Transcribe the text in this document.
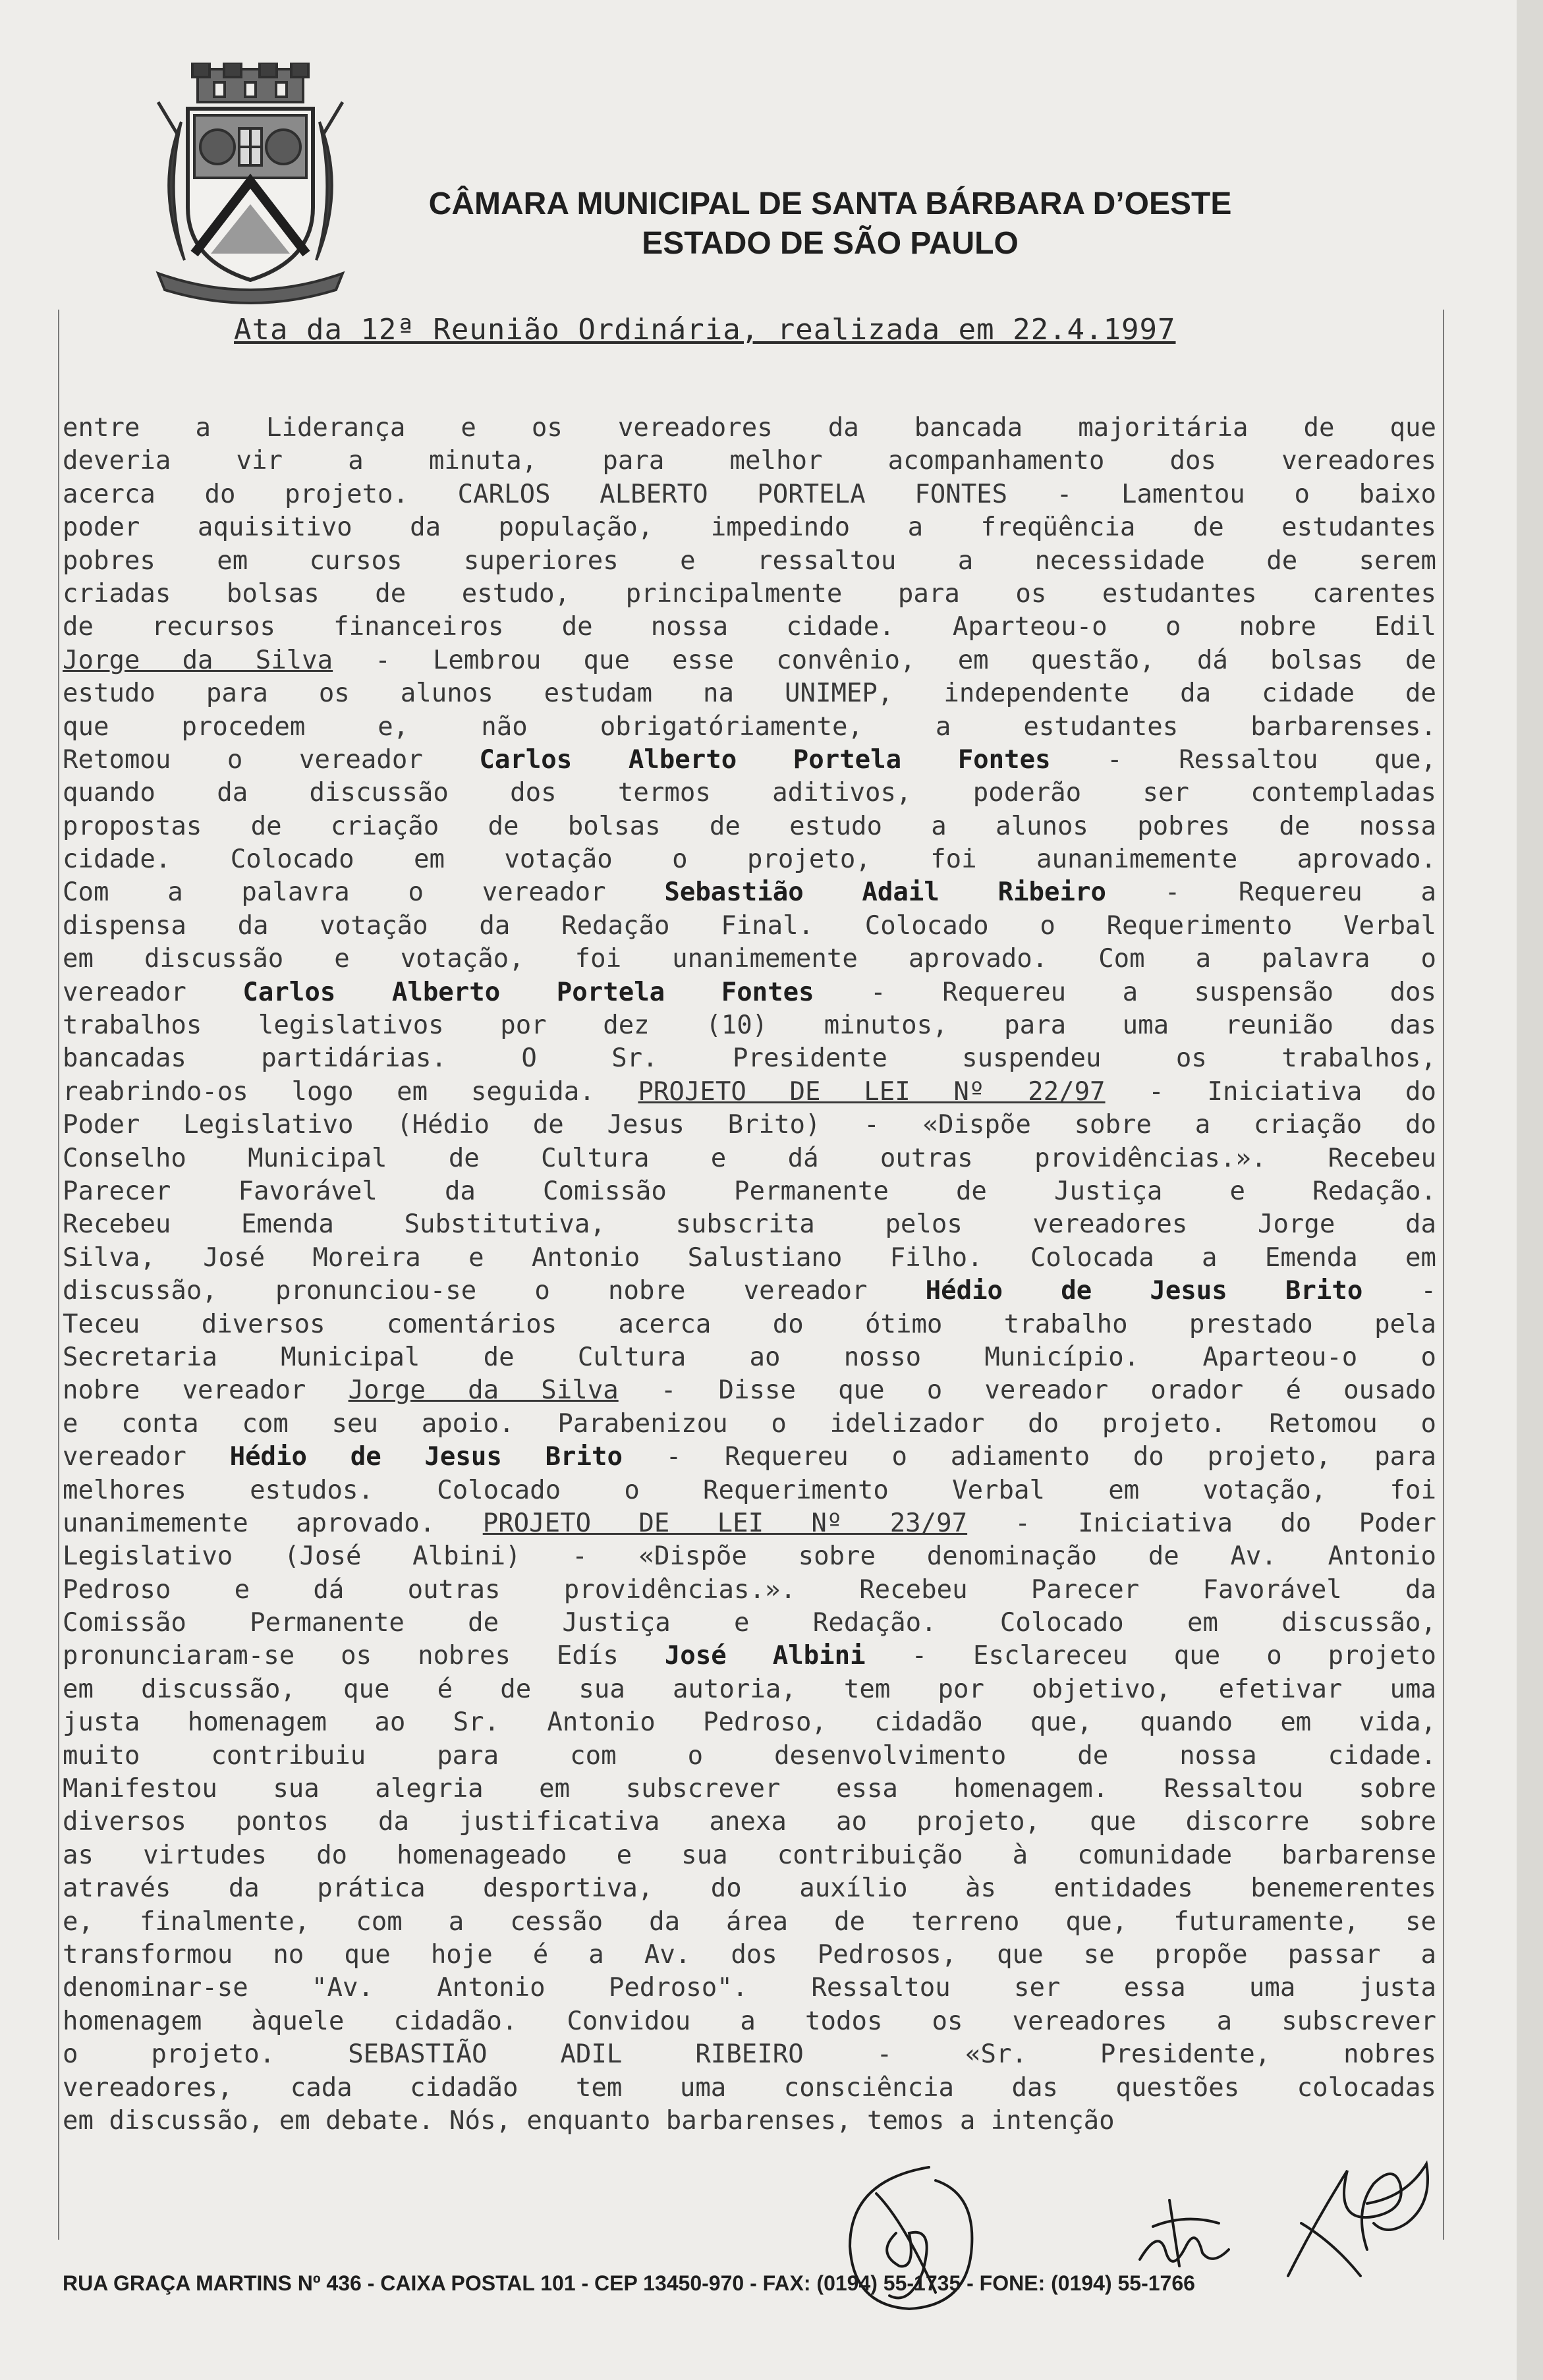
CÂMARA MUNICIPAL DE SANTA BÁRBARA D’OESTE
ESTADO DE SÃO PAULO
Ata da 12ª Reunião Ordinária, realizada em 22.4.1997
entre a Liderança e os vereadores da bancada majoritária de que
deveria vir a minuta, para melhor acompanhamento dos vereadores
acerca do projeto. CARLOS ALBERTO PORTELA FONTES - Lamentou o baixo
poder aquisitivo da população, impedindo a freqüência de estudantes
pobres em cursos superiores e ressaltou a necessidade de serem
criadas bolsas de estudo, principalmente para os estudantes carentes
de recursos financeiros de nossa cidade. Aparteou-o o nobre Edil
Jorge da Silva - Lembrou que esse convênio, em questão, dá bolsas de
estudo para os alunos estudam na UNIMEP, independente da cidade de
que procedem e, não obrigatóriamente, a estudantes barbarenses.
Retomou o vereador Carlos Alberto Portela Fontes - Ressaltou que,
quando da discussão dos termos aditivos, poderão ser contempladas
propostas de criação de bolsas de estudo a alunos pobres de nossa
cidade. Colocado em votação o projeto, foi aunanimemente aprovado.
Com a palavra o vereador Sebastião Adail Ribeiro - Requereu a
dispensa da votação da Redação Final. Colocado o Requerimento Verbal
em discussão e votação, foi unanimemente aprovado. Com a palavra o
vereador Carlos Alberto Portela Fontes - Requereu a suspensão dos
trabalhos legislativos por dez (10) minutos, para uma reunião das
bancadas partidárias. O Sr. Presidente suspendeu os trabalhos,
reabrindo-os logo em seguida. PROJETO DE LEI Nº 22/97 - Iniciativa do
Poder Legislativo (Hédio de Jesus Brito) - «Dispõe sobre a criação do
Conselho Municipal de Cultura e dá outras providências.». Recebeu
Parecer Favorável da Comissão Permanente de Justiça e Redação.
Recebeu Emenda Substitutiva, subscrita pelos vereadores Jorge da
Silva, José Moreira e Antonio Salustiano Filho. Colocada a Emenda em
discussão, pronunciou-se o nobre vereador Hédio de Jesus Brito -
Teceu diversos comentários acerca do ótimo trabalho prestado pela
Secretaria Municipal de Cultura ao nosso Município. Aparteou-o o
nobre vereador Jorge da Silva - Disse que o vereador orador é ousado
e conta com seu apoio. Parabenizou o idelizador do projeto. Retomou o
vereador Hédio de Jesus Brito - Requereu o adiamento do projeto, para
melhores estudos. Colocado o Requerimento Verbal em votação, foi
unanimemente aprovado. PROJETO DE LEI Nº 23/97 - Iniciativa do Poder
Legislativo (José Albini) - «Dispõe sobre denominação de Av. Antonio
Pedroso e dá outras providências.». Recebeu Parecer Favorável da
Comissão Permanente de Justiça e Redação. Colocado em discussão,
pronunciaram-se os nobres Edís José Albini - Esclareceu que o projeto
em discussão, que é de sua autoria, tem por objetivo, efetivar uma
justa homenagem ao Sr. Antonio Pedroso, cidadão que, quando em vida,
muito contribuiu para com o desenvolvimento de nossa cidade.
Manifestou sua alegria em subscrever essa homenagem. Ressaltou sobre
diversos pontos da justificativa anexa ao projeto, que discorre sobre
as virtudes do homenageado e sua contribuição à comunidade barbarense
através da prática desportiva, do auxílio às entidades benemerentes
e, finalmente, com a cessão da área de terreno que, futuramente, se
transformou no que hoje é a Av. dos Pedrosos, que se propõe passar a
denominar-se "Av. Antonio Pedroso". Ressaltou ser essa uma justa
homenagem àquele cidadão. Convidou a todos os vereadores a subscrever
o projeto. SEBASTIÃO ADIL RIBEIRO - «Sr. Presidente, nobres
vereadores, cada cidadão tem uma consciência das questões colocadas
em discussão, em debate. Nós, enquanto barbarenses, temos a intenção
RUA GRAÇA MARTINS Nº 436 - CAIXA POSTAL 101 - CEP 13450-970 - FAX: (0194) 55-1735 - FONE: (0194) 55-1766
